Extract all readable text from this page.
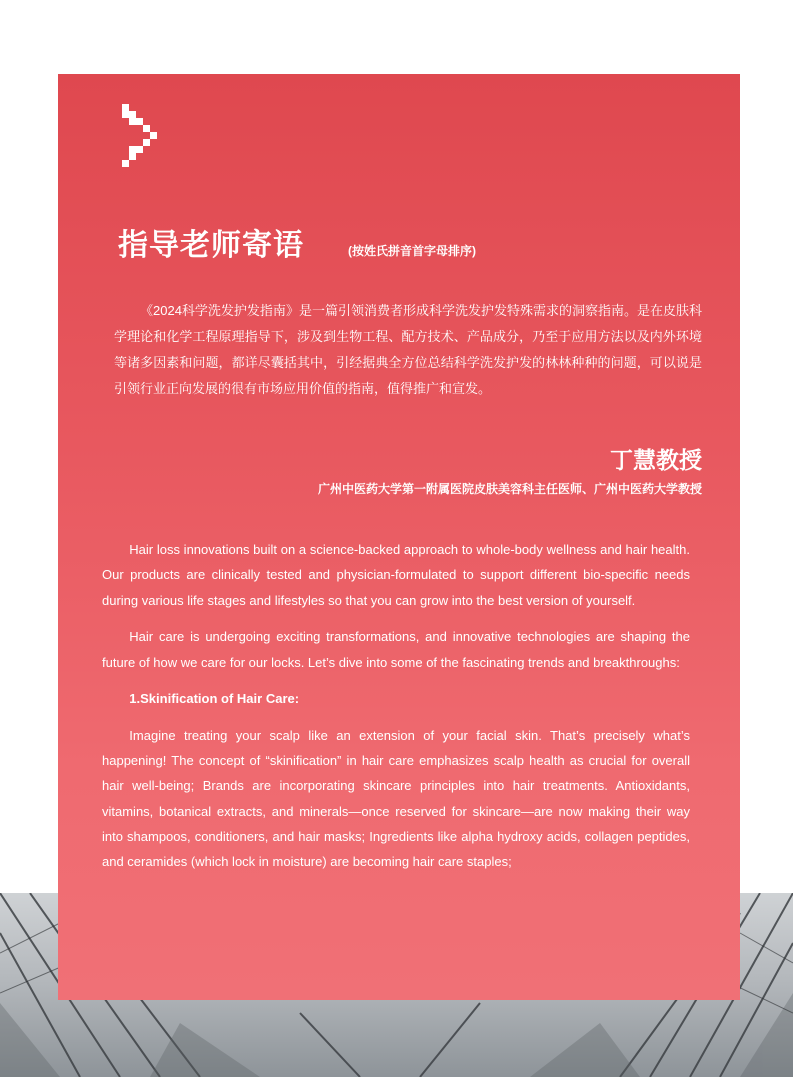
指导老师寄语	(按姓氏拼音首字母排序)

《2024科学洗发护发指南》是一篇引领消费者形成科学洗发护发特殊需求的洞察指南。是在皮肤科学理论和化学工程原理指导下，涉及到生物工程、配方技术、产品成分，乃至于应用方法以及内外环境等诸多因素和问题，都详尽囊括其中，引经据典全方位总结科学洗发护发的林林种种的问题，可以说是引领行业正向发展的很有市场应用价值的指南，值得推广和宣发。

丁慧教授
广州中医药大学第一附属医院皮肤美容科主任医师、广州中医药大学教授

Hair loss innovations built on a science-backed approach to whole-body wellness and hair health. Our products are clinically tested and physician-formulated to support different bio-specific needs during various life stages and lifestyles so that you can grow into the best version of yourself.

Hair care is undergoing exciting transformations, and innovative technologies are shaping the future of how we care for our locks. Let’s dive into some of the fascinating trends and breakthroughs:

1.Skinification of Hair Care:

Imagine treating your scalp like an extension of your facial skin. That’s precisely what’s happening! The concept of “skinification” in hair care emphasizes scalp health as crucial for overall hair well-being; Brands are incorporating skincare principles into hair treatments. Antioxidants, vitamins, botanical extracts, and minerals—once reserved for skincare—are now making their way into shampoos, conditioners, and hair masks; Ingredients like alpha hydroxy acids, collagen peptides, and ceramides (which lock in moisture) are becoming hair care staples;
